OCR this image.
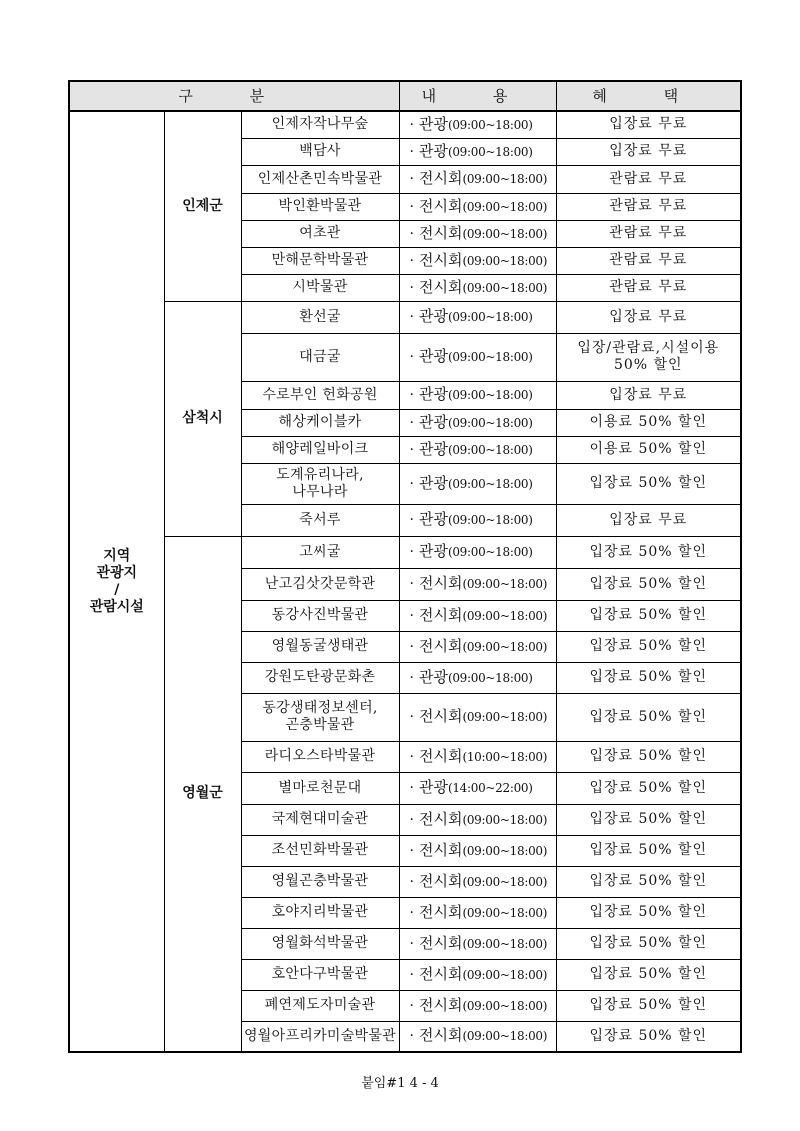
구 분			내 용	혜 택

지역
관광지
/
관람시설	인제군	인제자작나무숲	· 관광(09:00~18:00)	입장료 무료
		백담사	· 관광(09:00~18:00)	입장료 무료
		인제산촌민속박물관	· 전시회(09:00~18:00)	관람료 무료
		박인환박물관	· 전시회(09:00~18:00)	관람료 무료
		여초관	· 전시회(09:00~18:00)	관람료 무료
		만해문학박물관	· 전시회(09:00~18:00)	관람료 무료
		시박물관	· 전시회(09:00~18:00)	관람료 무료
	삼척시	환선굴	· 관광(09:00~18:00)	입장료 무료
		대금굴	· 관광(09:00~18:00)	입장/관람료,시설이용
50% 할인
		수로부인 헌화공원	· 관광(09:00~18:00)	입장료 무료
		해상케이블카	· 관광(09:00~18:00)	이용료 50% 할인
		해양레일바이크	· 관광(09:00~18:00)	이용료 50% 할인
		도계유리나라,
나무나라	· 관광(09:00~18:00)	입장료 50% 할인
		죽서루	· 관광(09:00~18:00)	입장료 무료
	영월군	고씨굴	· 관광(09:00~18:00)	입장료 50% 할인
		난고김삿갓문학관	· 전시회(09:00~18:00)	입장료 50% 할인
		동강사진박물관	· 전시회(09:00~18:00)	입장료 50% 할인
		영월동굴생태관	· 전시회(09:00~18:00)	입장료 50% 할인
		강원도탄광문화촌	· 관광(09:00~18:00)	입장료 50% 할인
		동강생태정보센터,
곤충박물관	· 전시회(09:00~18:00)	입장료 50% 할인
		라디오스타박물관	· 전시회(10:00~18:00)	입장료 50% 할인
		별마로천문대	· 관광(14:00~22:00)	입장료 50% 할인
		국제현대미술관	· 전시회(09:00~18:00)	입장료 50% 할인
		조선민화박물관	· 전시회(09:00~18:00)	입장료 50% 할인
		영월곤충박물관	· 전시회(09:00~18:00)	입장료 50% 할인
		호야지리박물관	· 전시회(09:00~18:00)	입장료 50% 할인
		영월화석박물관	· 전시회(09:00~18:00)	입장료 50% 할인
		호안다구박물관	· 전시회(09:00~18:00)	입장료 50% 할인
		폐연제도자미술관	· 전시회(09:00~18:00)	입장료 50% 할인
		영월아프리카미술박물관	· 전시회(09:00~18:00)	입장료 50% 할인
붙임#1 4 - 4
